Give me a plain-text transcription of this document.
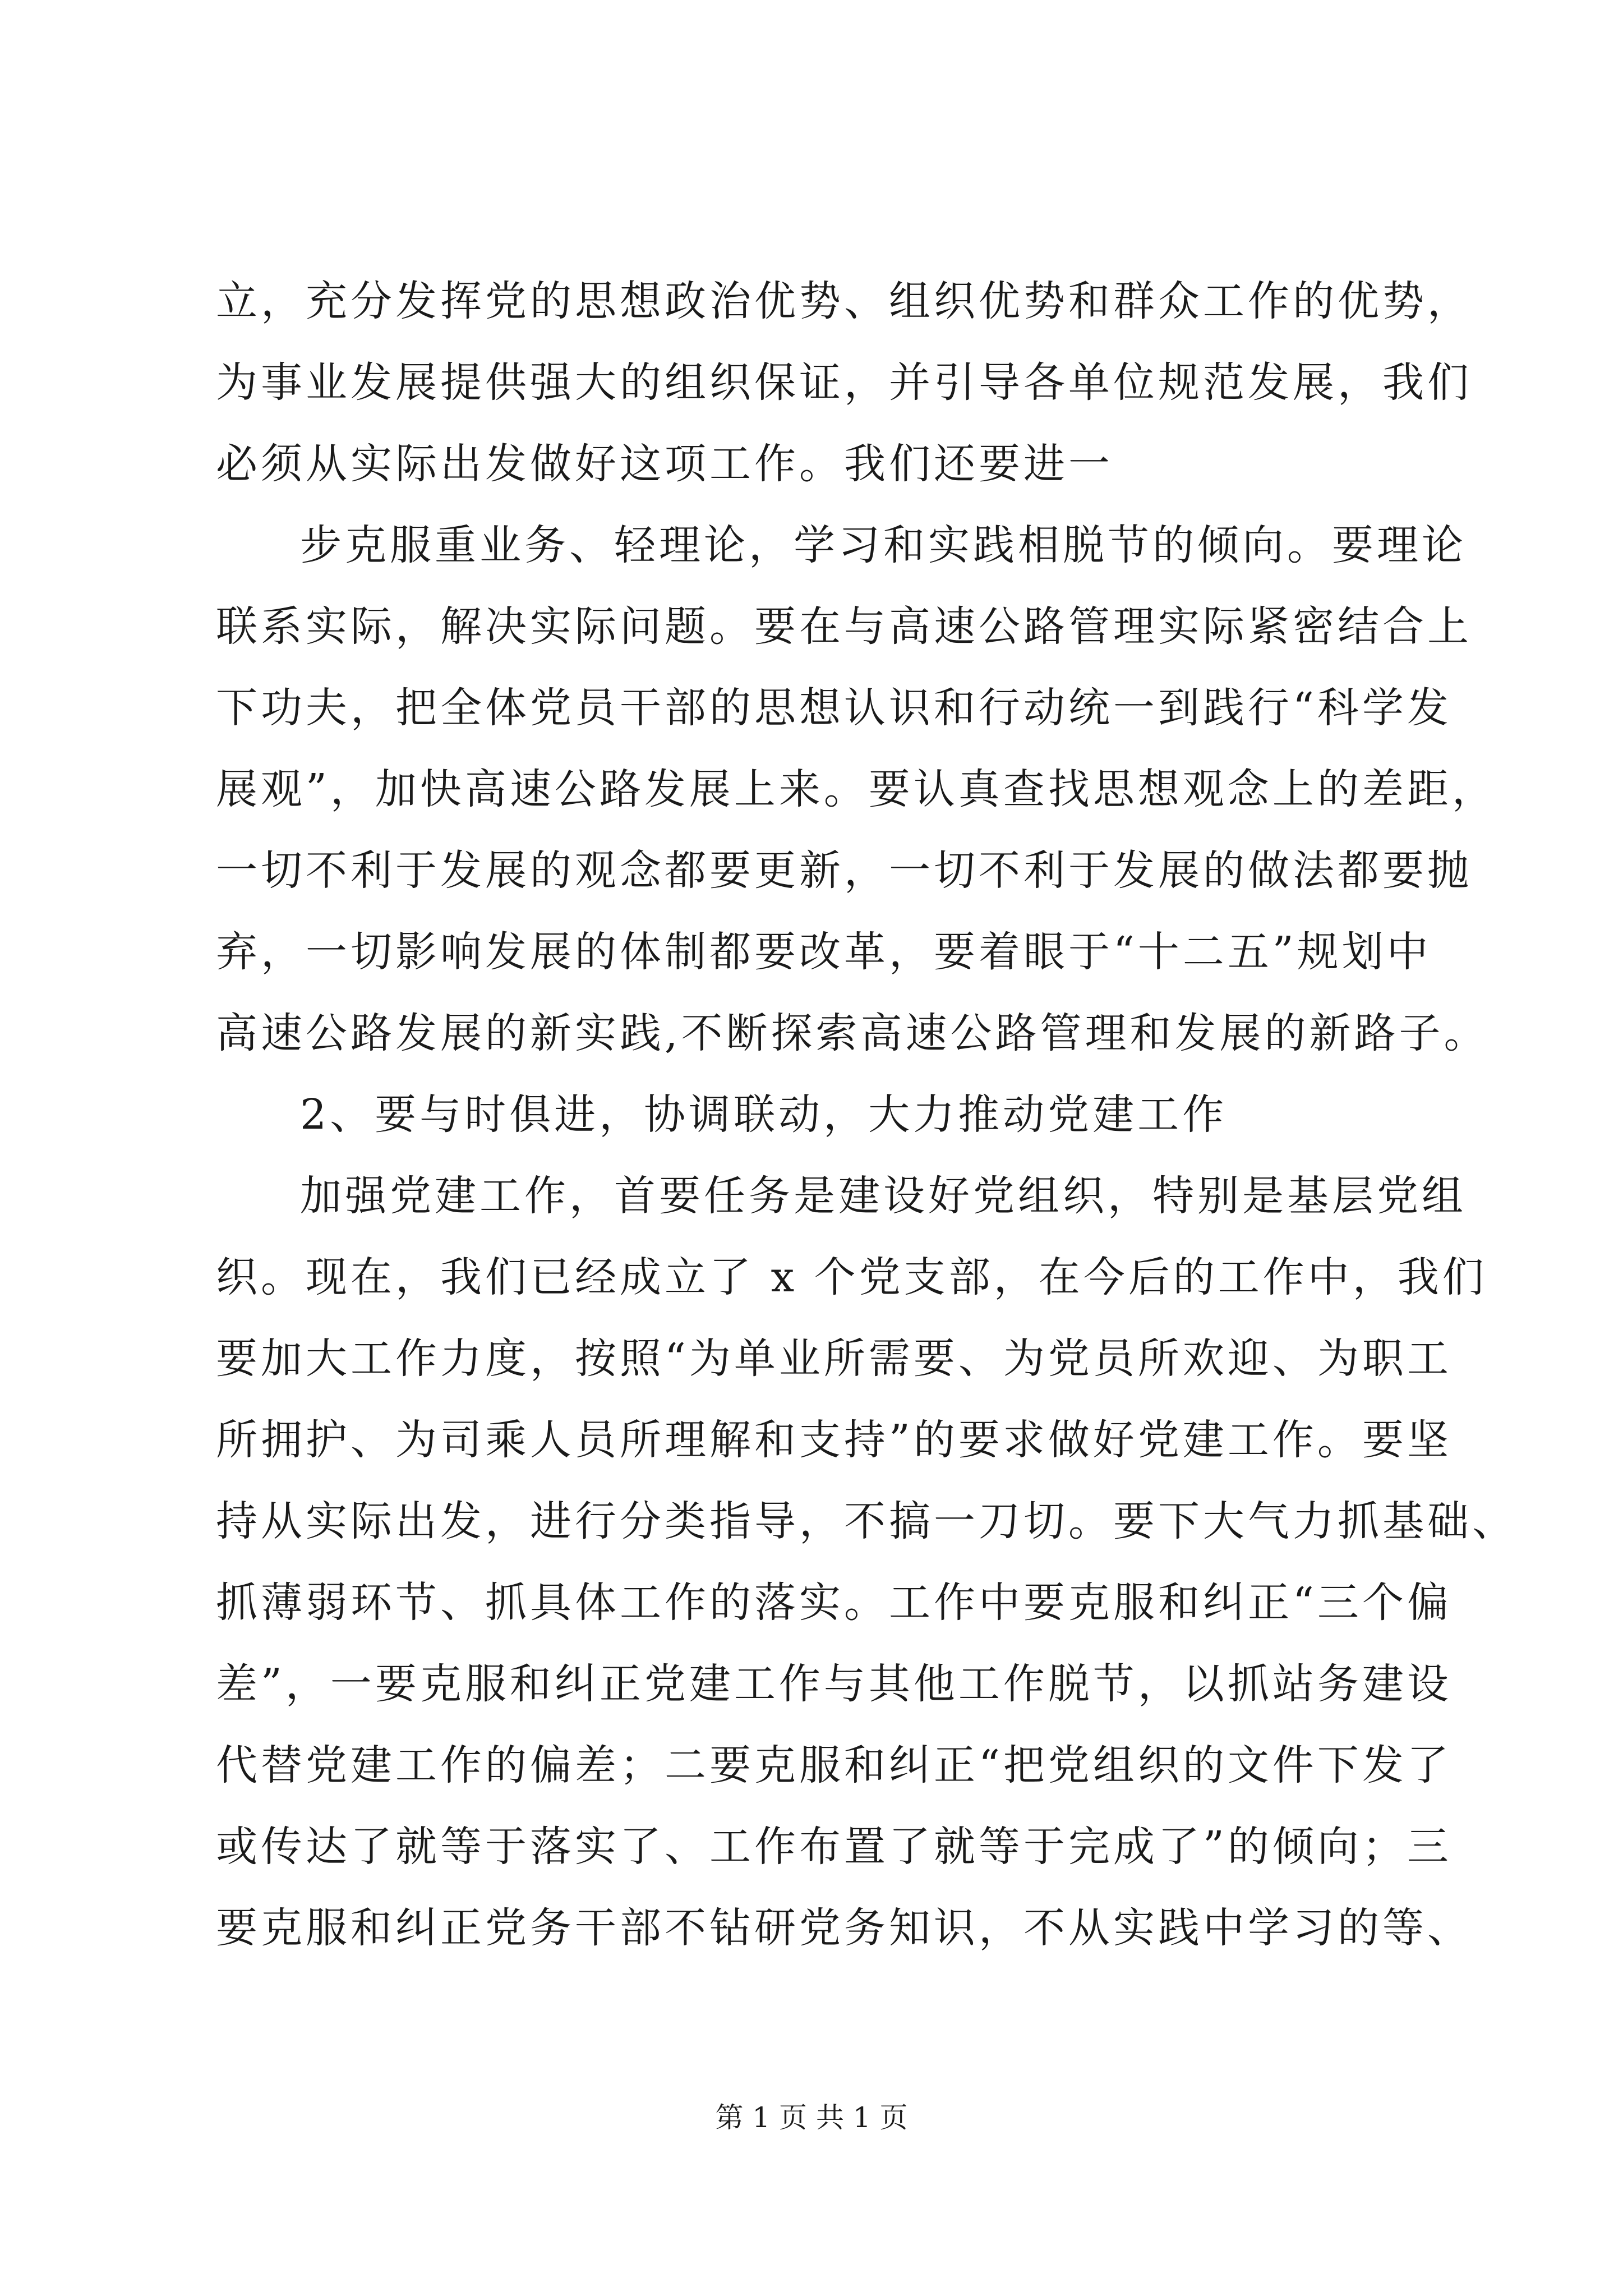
立，充分发挥党的思想政治优势、组织优势和群众工作的优势，
为事业发展提供强大的组织保证，并引导各单位规范发展，我们
必须从实际出发做好这项工作。我们还要进一
步克服重业务、轻理论，学习和实践相脱节的倾向。要理论
联系实际，解决实际问题。要在与高速公路管理实际紧密结合上
下功夫，把全体党员干部的思想认识和行动统一到践行“科学发
展观”，加快高速公路发展上来。要认真查找思想观念上的差距，
一切不利于发展的观念都要更新，一切不利于发展的做法都要抛
弃，一切影响发展的体制都要改革，要着眼于“十二五”规划中
高速公路发展的新实践,不断探索高速公路管理和发展的新路子。
2、要与时俱进，协调联动，大力推动党建工作
加强党建工作，首要任务是建设好党组织，特别是基层党组
织。现在，我们已经成立了 x 个党支部，在今后的工作中，我们
要加大工作力度，按照“为单业所需要、为党员所欢迎、为职工
所拥护、为司乘人员所理解和支持”的要求做好党建工作。要坚
持从实际出发，进行分类指导，不搞一刀切。要下大气力抓基础、
抓薄弱环节、抓具体工作的落实。工作中要克服和纠正“三个偏
差”，一要克服和纠正党建工作与其他工作脱节，以抓站务建设
代替党建工作的偏差；二要克服和纠正“把党组织的文件下发了
或传达了就等于落实了、工作布置了就等于完成了”的倾向；三
要克服和纠正党务干部不钻研党务知识，不从实践中学习的等、
第 1 页 共 1 页
